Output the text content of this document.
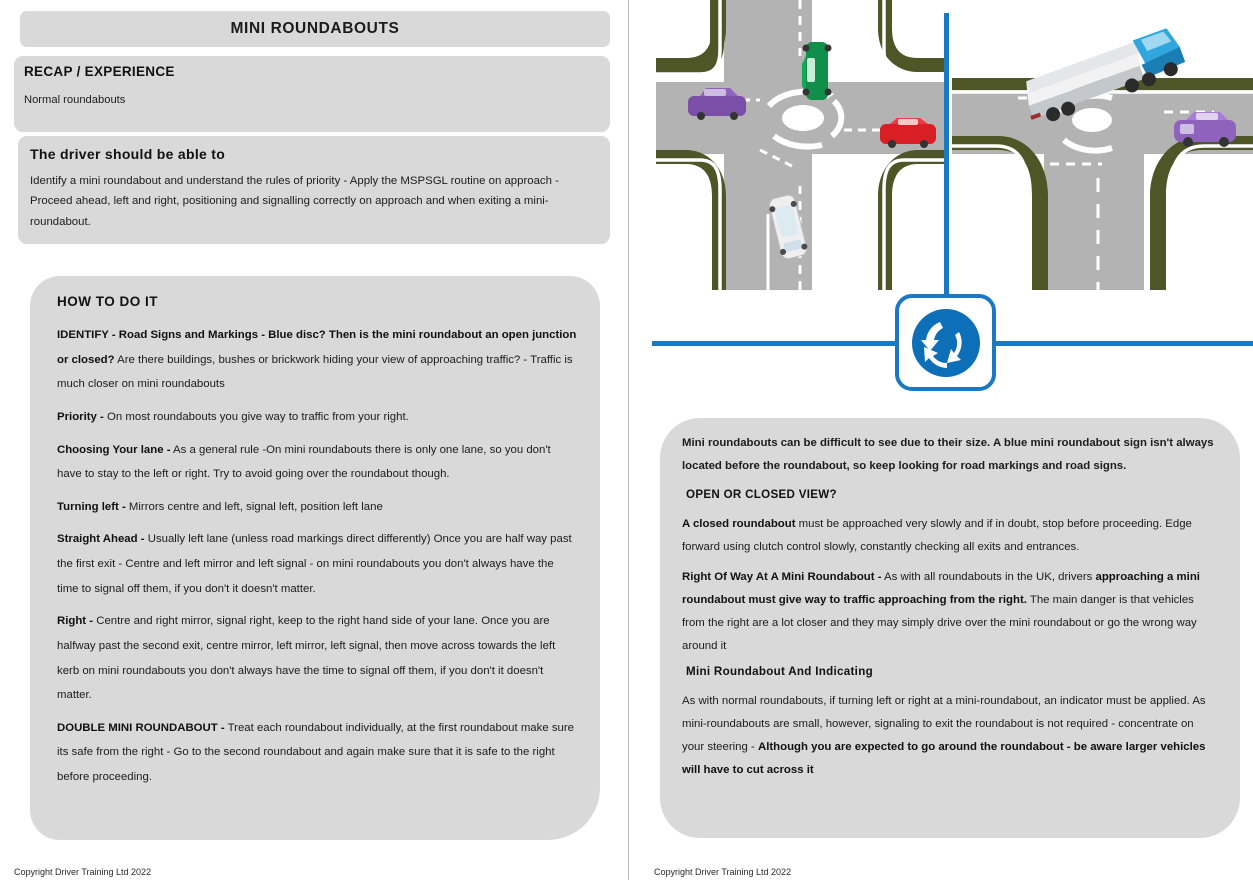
MINI ROUNDABOUTS
RECAP / EXPERIENCE
Normal roundabouts
The driver should be able to
Identify a mini roundabout and understand the rules of priority - Apply the MSPSGL routine on approach - Proceed ahead, left and right, positioning and signalling correctly on approach and when exiting a mini-roundabout.
HOW TO DO IT
IDENTIFY - Road Signs and Markings - Blue disc? Then is the mini roundabout an open junction or closed? Are there buildings, bushes or brickwork hiding your view of approaching traffic? - Traffic is much closer on mini roundabouts
Priority - On most roundabouts you give way to traffic from your right.
Choosing Your lane - As a general rule -On mini roundabouts there is only one lane, so you don't have to stay to the left or right. Try to avoid going over the roundabout though.
Turning left - Mirrors centre and left, signal left, position left lane
Straight Ahead - Usually left lane (unless road markings direct differently) Once you are half way past the first exit - Centre and left mirror and left signal - on mini roundabouts you don't always have the time to signal off them, if you don't it doesn't matter.
Right - Centre and right mirror, signal right, keep to the right hand side of your lane. Once you are halfway past the second exit, centre mirror, left mirror, left signal, then move across towards the left kerb on mini roundabouts you don't always have the time to signal off them, if you don't it doesn't matter.
DOUBLE MINI ROUNDABOUT - Treat each roundabout individually, at the first roundabout make sure its safe from the right - Go to the second roundabout and again make sure that it is safe to the right before proceeding.
Copyright Driver Training Ltd 2022
Mini roundabouts can be difficult to see due to their size. A blue mini roundabout sign isn't always located before the roundabout, so keep looking for road markings and road signs.
OPEN OR CLOSED VIEW?
A closed roundabout must be approached very slowly and if in doubt, stop before proceeding. Edge forward using clutch control slowly, constantly checking all exits and entrances.
Right Of Way At A Mini Roundabout - As with all roundabouts in the UK, drivers approaching a mini roundabout must give way to traffic approaching from the right. The main danger is that vehicles from the right are a lot closer and they may simply drive over the mini roundabout or go the wrong way around it
Mini Roundabout And Indicating
As with normal roundabouts, if turning left or right at a mini-roundabout, an indicator must be applied. As mini-roundabouts are small, however, signaling to exit the roundabout is not required - concentrate on your steering - Although you are expected to go around the roundabout - be aware larger vehicles will have to cut across it
Copyright Driver Training Ltd 2022
